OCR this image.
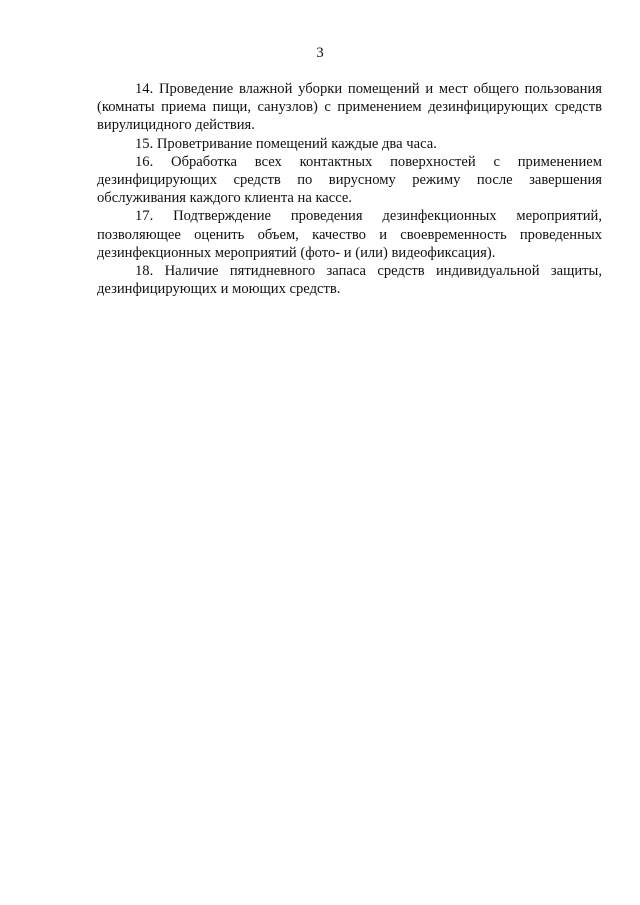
3

14. Проведение влажной уборки помещений и мест общего пользования (комнаты приема пищи, санузлов) с применением дезинфицирующих средств вирулицидного действия.

15. Проветривание помещений каждые два часа.

16. Обработка всех контактных поверхностей с применением дезинфицирующих средств по вирусному режиму после завершения обслуживания каждого клиента на кассе.

17. Подтверждение проведения дезинфекционных мероприятий, позволяющее оценить объем, качество и своевременность проведенных дезинфекционных мероприятий (фото- и (или) видеофиксация).

18. Наличие пятидневного запаса средств индивидуальной защиты, дезинфицирующих и моющих средств.
